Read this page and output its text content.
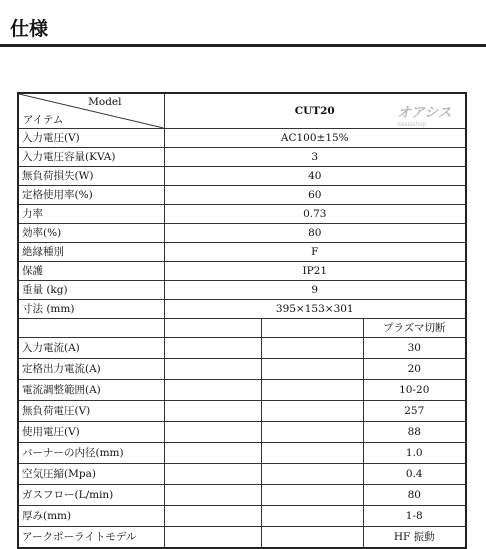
仕様
オアシス
oasisshop
Model
アイテム	CUT20		
入力電圧(V)	AC100±15%		
入力電圧容量(KVA)	3		
無負荷損失(W)	40		
定格使用率(%)	60		
力率	0.73		
効率(%)	80		
絶縁種別	F		
保護	IP21		
重量 (kg)	9		
寸法 (mm)	395×153×301		
			プラズマ切断
入力電流(A)			30
定格出力電流(A)			20
電流調整範囲(A)			10-20
無負荷電圧(V)			257
使用電圧(V)			88
バーナーの内径(mm)			1.0
空気圧縮(Mpa)			0.4
ガスフロー(L/min)			80
厚み(mm)			1-8
アークポーライトモデル			HF 振動
